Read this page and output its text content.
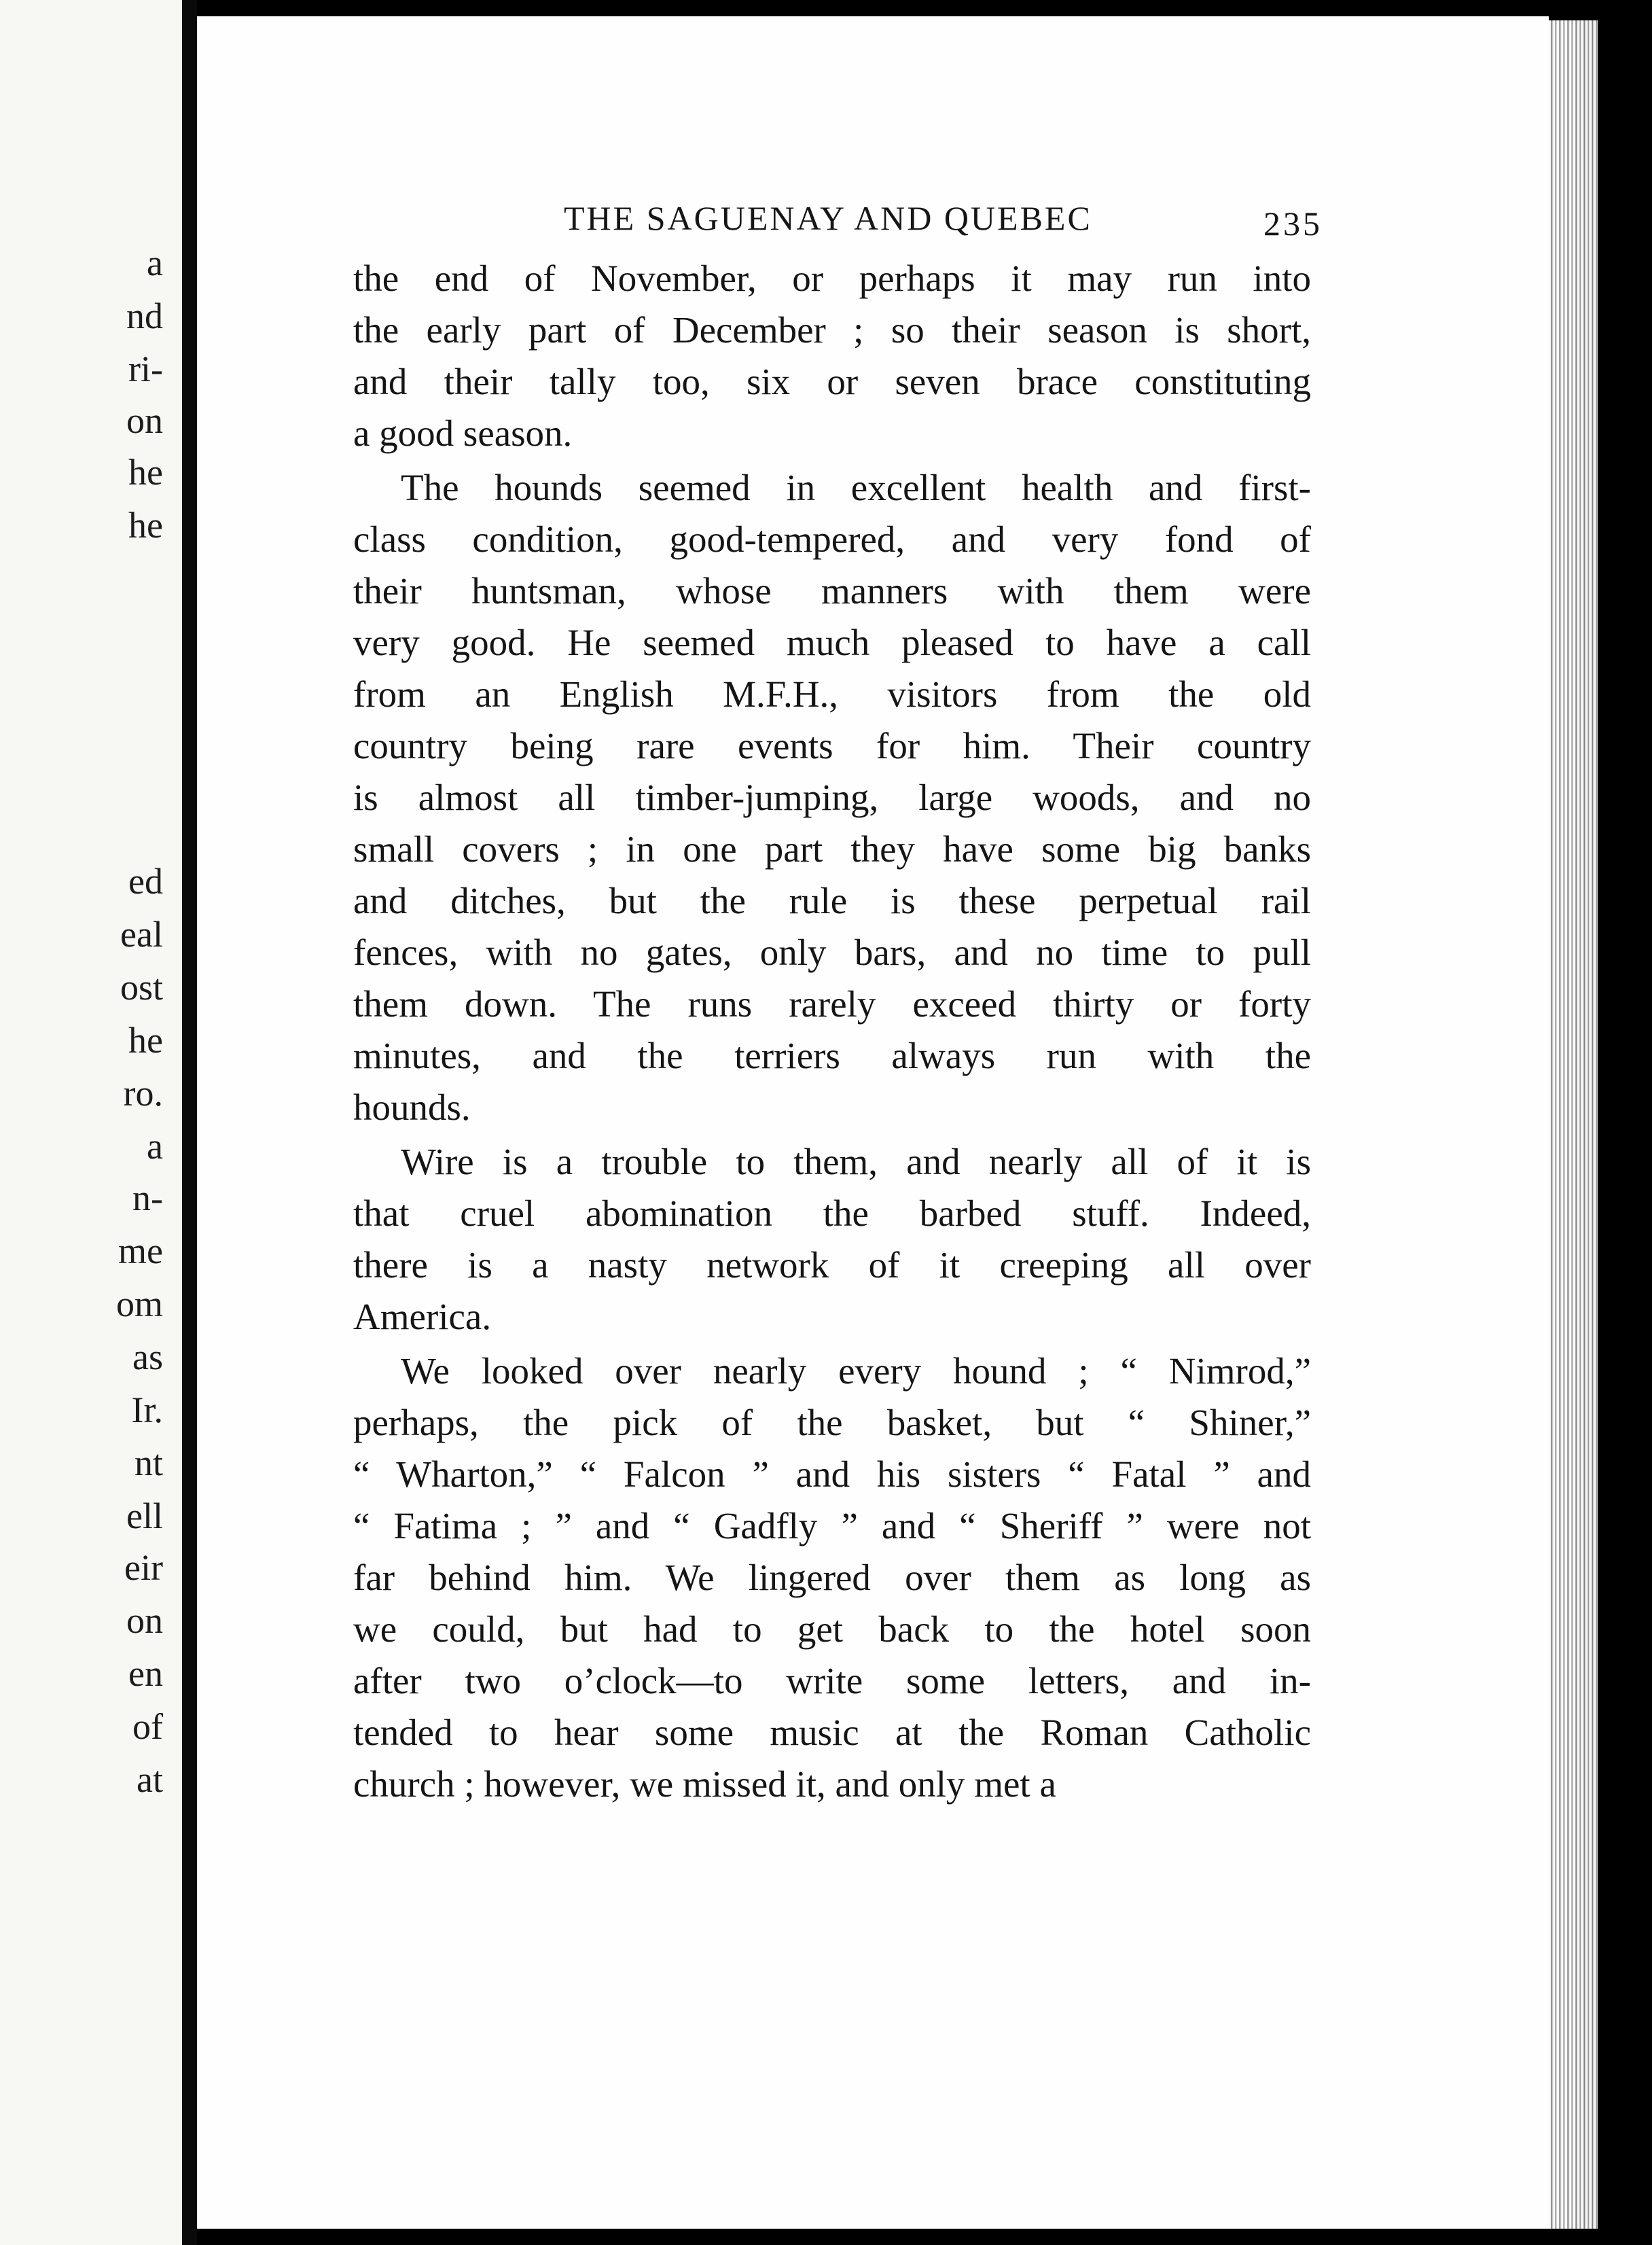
a
nd
ri-
on
he
he
ed
eal
ost
he
ro.
a
n-
me
om
as
Ir.
nt
ell
eir
on
en
of
at
THE SAGUENAY AND QUEBEC	235
the end of November, or perhaps it may run into
the early part of December ; so their season is short,
and their tally too, six or seven brace constituting
a good season.
The hounds seemed in excellent health and first-
class condition, good-tempered, and very fond of
their huntsman, whose manners with them were
very good. He seemed much pleased to have a call
from an English M.F.H., visitors from the old
country being rare events for him. Their country
is almost all timber-jumping, large woods, and no
small covers ; in one part they have some big banks
and ditches, but the rule is these perpetual rail
fences, with no gates, only bars, and no time to pull
them down. The runs rarely exceed thirty or forty
minutes, and the terriers always run with the
hounds.
Wire is a trouble to them, and nearly all of it is
that cruel abomination the barbed stuff. Indeed,
there is a nasty network of it creeping all over
America.
We looked over nearly every hound ; “ Nimrod,”
perhaps, the pick of the basket, but “ Shiner,”
“ Wharton,” “ Falcon ” and his sisters “ Fatal ” and
“ Fatima ; ” and “ Gadfly ” and “ Sheriff ” were not
far behind him. We lingered over them as long as
we could, but had to get back to the hotel soon
after two o’clock—to write some letters, and in-
tended to hear some music at the Roman Catholic
church ; however, we missed it, and only met a
